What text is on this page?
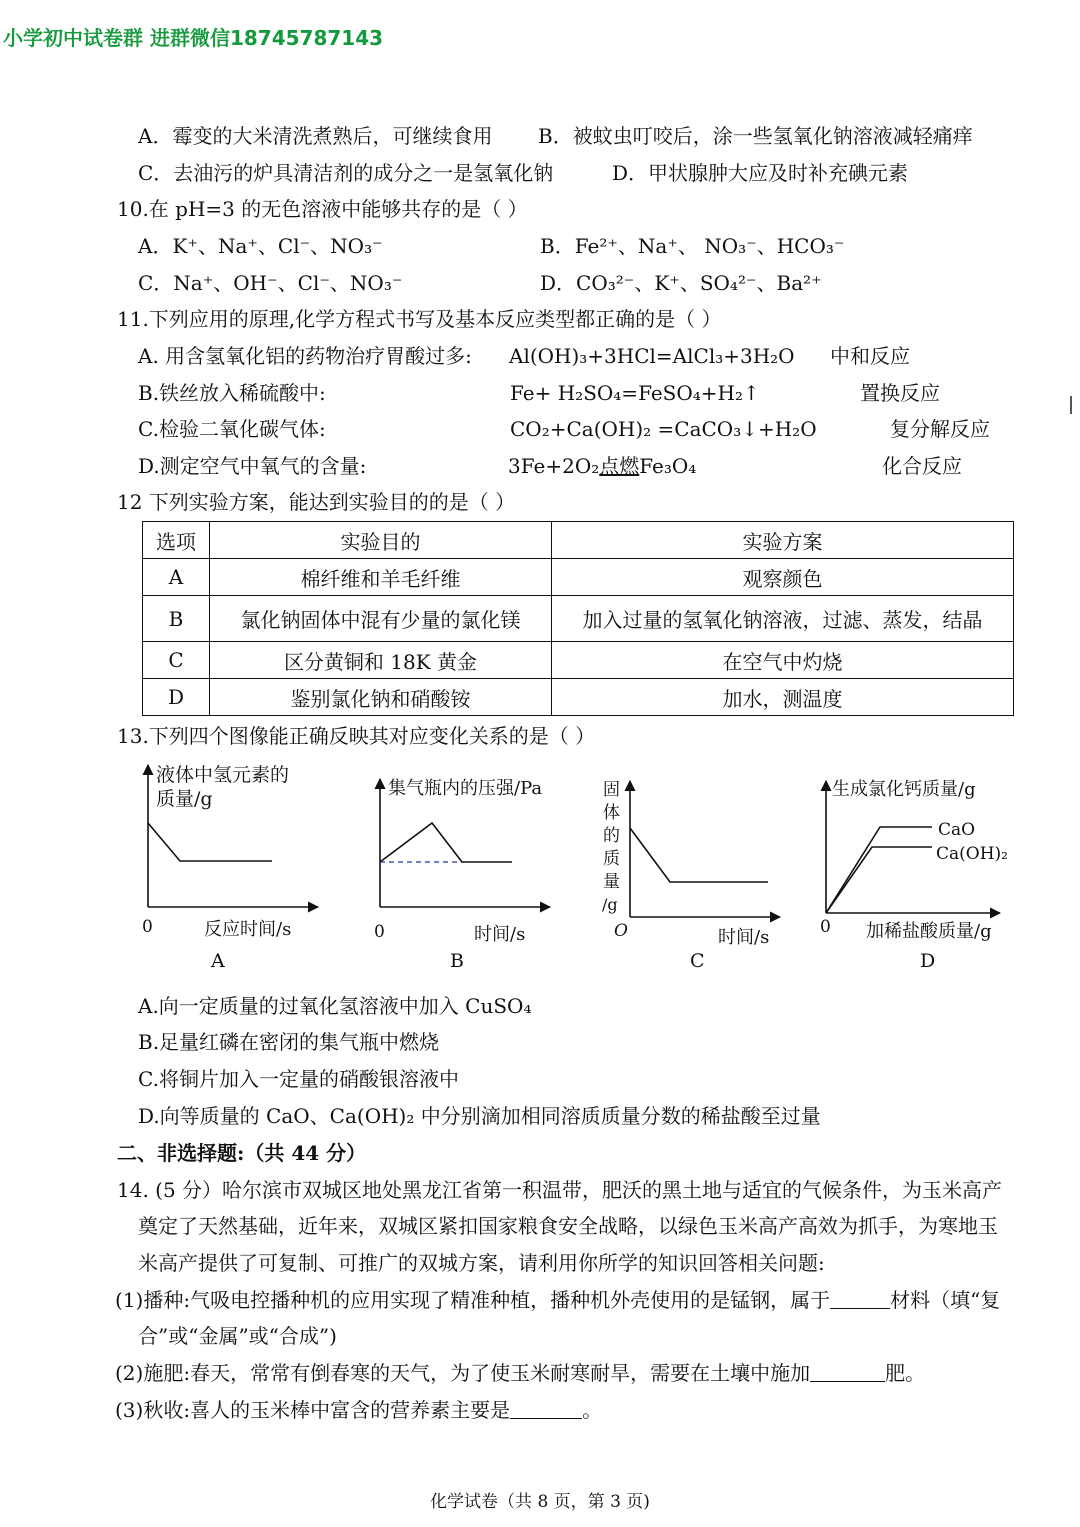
小学初中试卷群 进群微信18745787143
A．霉变的大米清洗煮熟后，可继续食用 B．被蚊虫叮咬后，涂一些氢氧化钠溶液减轻痛痒
C．去油污的炉具清洁剂的成分之一是氢氧化钠	D．甲状腺肿大应及时补充碘元素
10.在 pH=3 的无色溶液中能够共存的是（ ）
A．K⁺、Na⁺、Cl⁻、NO₃⁻	B．Fe²⁺、Na⁺、 NO₃⁻、HCO₃⁻
C．Na⁺、OH⁻、Cl⁻、NO₃⁻	D．CO₃²⁻、K⁺、SO₄²⁻、Ba²⁺
11.下列应用的原理,化学方程式书写及基本反应类型都正确的是（ ）
A. 用含氢氧化铝的药物治疗胃酸过多: Al(OH)₃+3HCl=AlCl₃+3H₂O 中和反应
B.铁丝放入稀硫酸中:	Fe+ H₂SO₄=FeSO₄+H₂↑	置换反应
C.检验二氧化碳气体:	CO₂+Ca(OH)₂ =CaCO₃↓+H₂O	复分解反应
D.测定空气中氧气的含量:	3Fe+2O₂点燃Fe₃O₄	化合反应
12 下列实验方案，能达到实验目的的是（ ）
选项	实验目的	实验方案
A	棉纤维和羊毛纤维	观察颜色
B	氯化钠固体中混有少量的氯化镁	加入过量的氢氧化钠溶液，过滤、蒸发，结晶
C	区分黄铜和 18K 黄金	在空气中灼烧
D	鉴别氯化钠和硝酸铵	加水，测温度
13.下列四个图像能正确反映其对应变化关系的是（ ）
液体中氢元素的
质量/g
0	反应时间/s
A
集气瓶内的压强/Pa
0	时间/s
B
固
体
的
质
量
/g
O	时间/s
C
生成氯化钙质量/g
CaO
Ca(OH)₂
0 加稀盐酸质量/g
D
A.向一定质量的过氧化氢溶液中加入 CuSO₄
B.足量红磷在密闭的集气瓶中燃烧
C.将铜片加入一定量的硝酸银溶液中
D.向等质量的 CaO、Ca(OH)₂ 中分别滴加相同溶质质量分数的稀盐酸至过量
二、非选择题:（共 44 分）
14. (5 分）哈尔滨市双城区地处黑龙江省第一积温带，肥沃的黑土地与适宜的气候条件，为玉米高产
奠定了天然基础，近年来，双城区紧扣国家粮食安全战略，以绿色玉米高产高效为抓手，为寒地玉
米高产提供了可复制、可推广的双城方案，请利用你所学的知识回答相关问题:
(1)播种:气吸电控播种机的应用实现了精准种植，播种机外壳使用的是锰钢，属于	材料（填“复
合”或“金属”或“合成”)
(2)施肥:春天，常常有倒春寒的天气，为了使玉米耐寒耐旱，需要在土壤中施加	肥。
(3)秋收:喜人的玉米棒中富含的营养素主要是	。
化学试卷（共 8 页，第 3 页)
